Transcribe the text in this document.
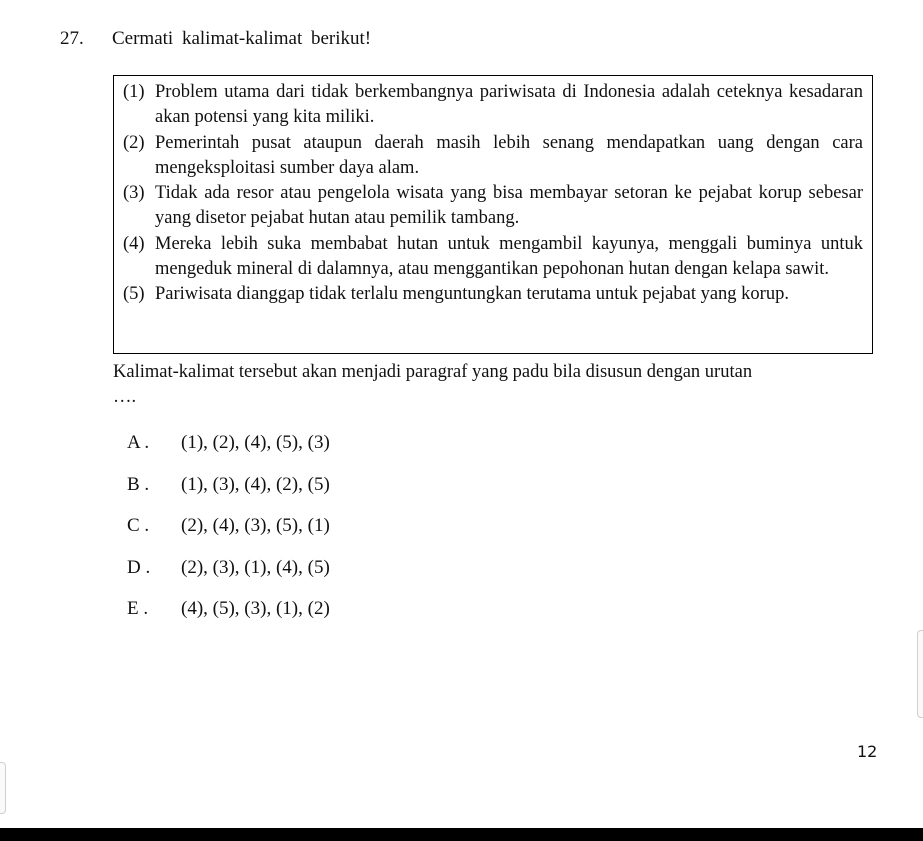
27. Cermati kalimat-kalimat berikut!
(1) Problem utama dari tidak berkembangnya pariwisata di Indonesia adalah ceteknya kesadaran akan potensi yang kita miliki.
(2) Pemerintah pusat ataupun daerah masih lebih senang mendapatkan uang dengan cara mengeksploitasi sumber daya alam.
(3) Tidak ada resor atau pengelola wisata yang bisa membayar setoran ke pejabat korup sebesar yang disetor pejabat hutan atau pemilik tambang.
(4) Mereka lebih suka membabat hutan untuk mengambil kayunya, menggali buminya untuk mengeduk mineral di dalamnya, atau menggantikan pepohonan hutan dengan kelapa sawit.
(5) Pariwisata dianggap tidak terlalu menguntungkan terutama untuk pejabat yang korup.
Kalimat-kalimat tersebut akan menjadi paragraf yang padu bila disusun dengan urutan
….
A .	(1), (2), (4), (5), (3)
B .	(1), (3), (4), (2), (5)
C .	(2), (4), (3), (5), (1)
D .	(2), (3), (1), (4), (5)
E .	(4), (5), (3), (1), (2)
12
